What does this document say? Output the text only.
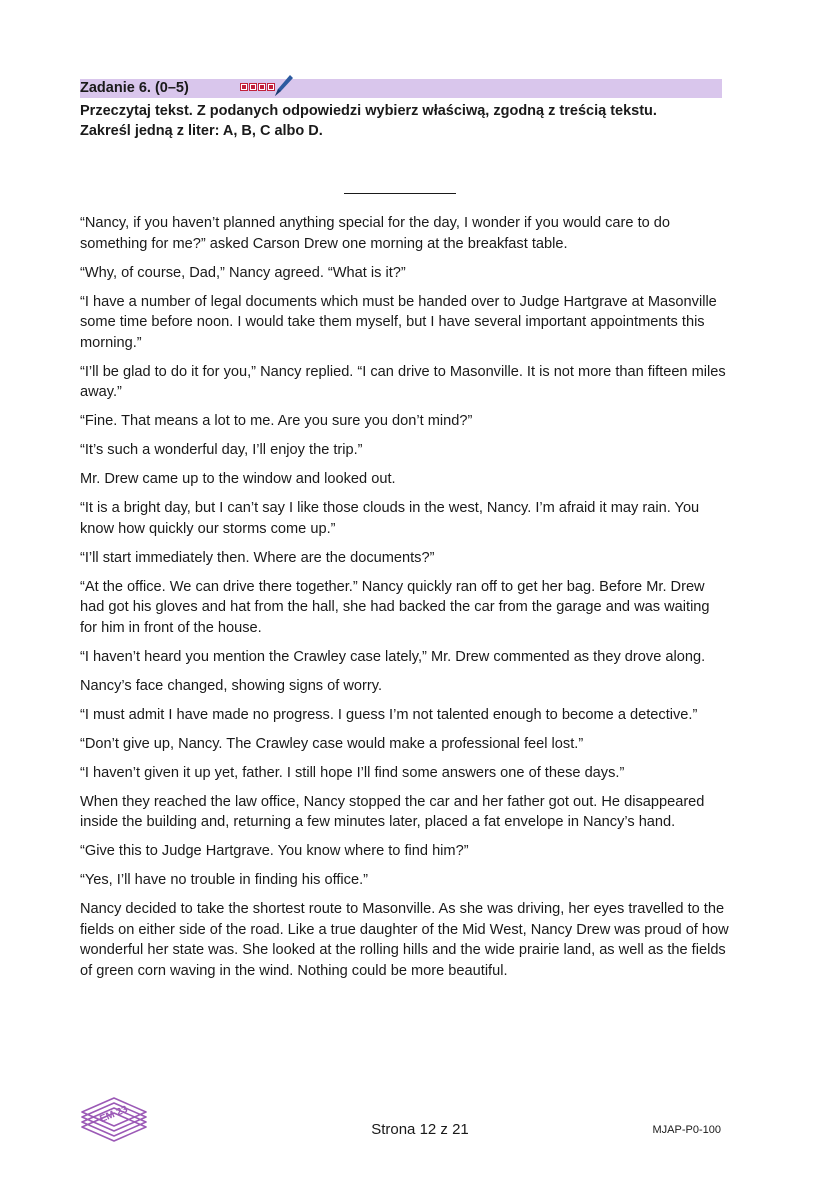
Zadanie 6. (0–5)
Przeczytaj tekst. Z podanych odpowiedzi wybierz właściwą, zgodną z treścią tekstu.
Zakreśl jedną z liter: A, B, C albo D.

“Nancy, if you haven’t planned anything special for the day, I wonder if you would care to do something for me?” asked Carson Drew one morning at the breakfast table.

“Why, of course, Dad,” Nancy agreed. “What is it?”

“I have a number of legal documents which must be handed over to Judge Hartgrave at Masonville some time before noon. I would take them myself, but I have several important appointments this morning.”

“I’ll be glad to do it for you,” Nancy replied. “I can drive to Masonville. It is not more than fifteen miles away.”

“Fine. That means a lot to me. Are you sure you don’t mind?”

“It’s such a wonderful day, I’ll enjoy the trip.”

Mr. Drew came up to the window and looked out.

“It is a bright day, but I can’t say I like those clouds in the west, Nancy. I’m afraid it may rain. You know how quickly our storms come up.”

“I’ll start immediately then. Where are the documents?”

“At the office. We can drive there together.” Nancy quickly ran off to get her bag. Before Mr. Drew had got his gloves and hat from the hall, she had backed the car from the garage and was waiting for him in front of the house.

“I haven’t heard you mention the Crawley case lately,” Mr. Drew commented as they drove along.

Nancy’s face changed, showing signs of worry.

“I must admit I have made no progress. I guess I’m not talented enough to become a detective.”

“Don’t give up, Nancy. The Crawley case would make a professional feel lost.”

“I haven’t given it up yet, father. I still hope I’ll find some answers one of these days.”

When they reached the law office, Nancy stopped the car and her father got out. He disappeared inside the building and, returning a few minutes later, placed a fat envelope in Nancy’s hand.

“Give this to Judge Hartgrave. You know where to find him?”

“Yes, I’ll have no trouble in finding his office.”

Nancy decided to take the shortest route to Masonville. As she was driving, her eyes travelled to the fields on either side of the road. Like a true daughter of the Mid West, Nancy Drew was proud of how wonderful her state was. She looked at the rolling hills and the wide prairie land, as well as the fields of green corn waving in the wind. Nothing could be more beautiful.

EM 23
Strona 12 z 21	MJAP-P0-100
